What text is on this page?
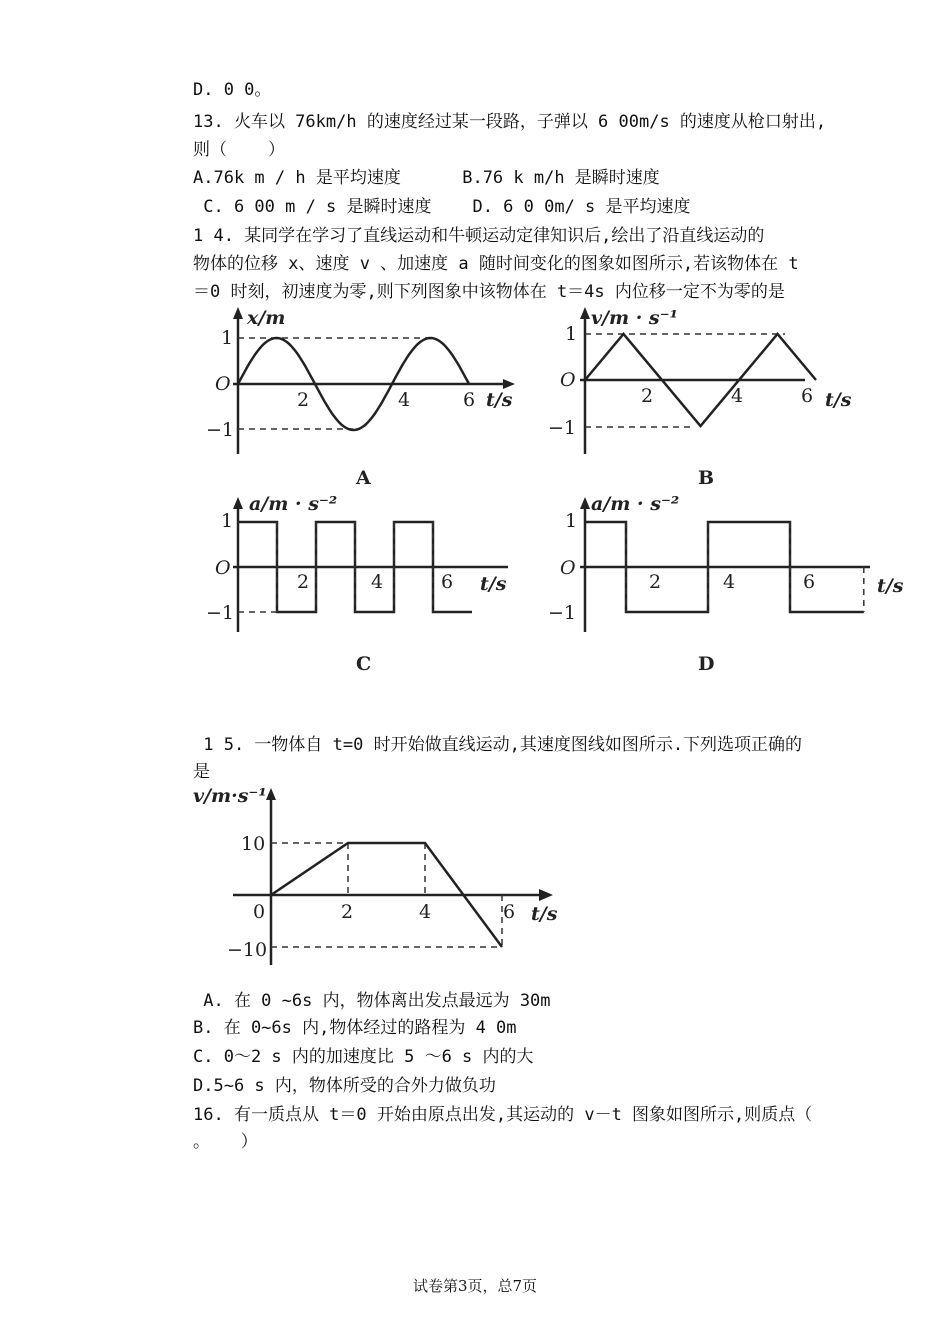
D. 0 0。
13. 火车以 76km/h 的速度经过某一段路，子弹以 6 00m/s 的速度从枪口射出,
则（    ）
A.76k m / h 是平均速度      B.76 k m/h 是瞬时速度
C. 6 00 m / s 是瞬时速度    D. 6 0 0m/ s 是平均速度
1 4. 某同学在学习了直线运动和牛顿运动定律知识后,绘出了沿直线运动的
物体的位移 x、速度 v 、加速度 a 随时间变化的图象如图所示,若该物体在 t
＝0 时刻，初速度为零,则下列图象中该物体在 t＝4s 内位移一定不为零的是
x/m
1
O
−1
2	4	6 t/s
A
v/m · s⁻¹
1
O
−1
2	4	6 t/s
B
a/m · s⁻²
1
O
−1
2	4	6 t/s
C
a/m · s⁻²
1
O
−1
2	4	6	t/s
D
1 5. 一物体自 t=0 时开始做直线运动,其速度图线如图所示.下列选项正确的
是
v/m·s⁻¹
10
−10
0	2	4	6 t/s
A. 在 0 ~6s 内，物体离出发点最远为 30m
B. 在 0~6s 内,物体经过的路程为 4 0m
C. 0～2 s 内的加速度比 5 ～6 s 内的大
D.5~6 s 内，物体所受的合外力做负功
16. 有一质点从 t＝0 开始由原点出发,其运动的 v－t 图象如图所示,则质点（
。   ）
试卷第3页，总7页
